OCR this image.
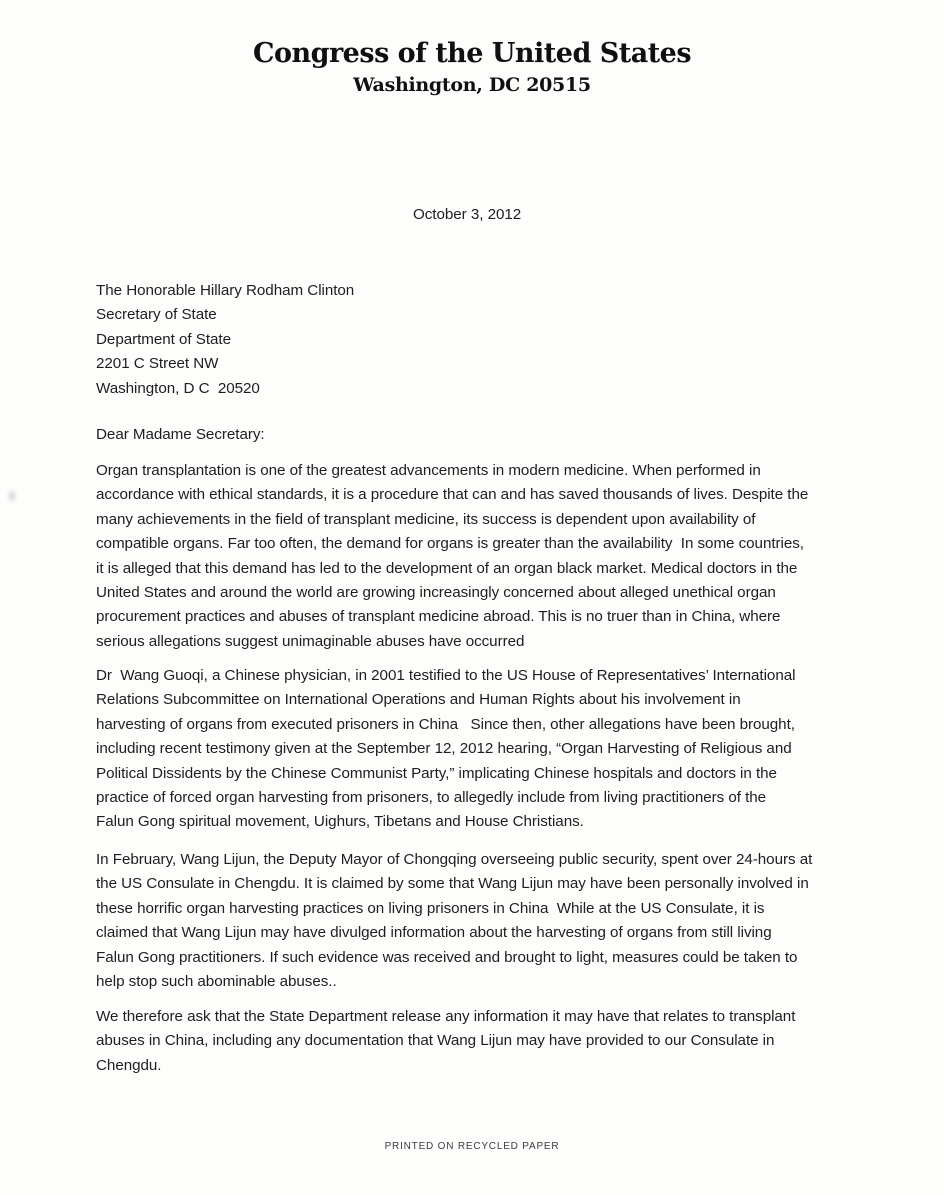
Congress of the United States
Washington, DC 20515
October 3, 2012
The Honorable Hillary Rodham Clinton
Secretary of State
Department of State
2201 C Street NW
Washington, D C  20520
Dear Madame Secretary:
Organ transplantation is one of the greatest advancements in modern medicine. When performed in
accordance with ethical standards, it is a procedure that can and has saved thousands of lives. Despite the
many achievements in the field of transplant medicine, its success is dependent upon availability of
compatible organs. Far too often, the demand for organs is greater than the availability  In some countries,
it is alleged that this demand has led to the development of an organ black market. Medical doctors in the
United States and around the world are growing increasingly concerned about alleged unethical organ
procurement practices and abuses of transplant medicine abroad. This is no truer than in China, where
serious allegations suggest unimaginable abuses have occurred
Dr  Wang Guoqi, a Chinese physician, in 2001 testified to the US House of Representatives’ International
Relations Subcommittee on International Operations and Human Rights about his involvement in
harvesting of organs from executed prisoners in China   Since then, other allegations have been brought,
including recent testimony given at the September 12, 2012 hearing, “Organ Harvesting of Religious and
Political Dissidents by the Chinese Communist Party,” implicating Chinese hospitals and doctors in the
practice of forced organ harvesting from prisoners, to allegedly include from living practitioners of the
Falun Gong spiritual movement, Uighurs, Tibetans and House Christians.
In February, Wang Lijun, the Deputy Mayor of Chongqing overseeing public security, spent over 24-hours at
the US Consulate in Chengdu. It is claimed by some that Wang Lijun may have been personally involved in
these horrific organ harvesting practices on living prisoners in China  While at the US Consulate, it is
claimed that Wang Lijun may have divulged information about the harvesting of organs from still living
Falun Gong practitioners. If such evidence was received and brought to light, measures could be taken to
help stop such abominable abuses..
We therefore ask that the State Department release any information it may have that relates to transplant
abuses in China, including any documentation that Wang Lijun may have provided to our Consulate in
Chengdu.
PRINTED ON RECYCLED PAPER
